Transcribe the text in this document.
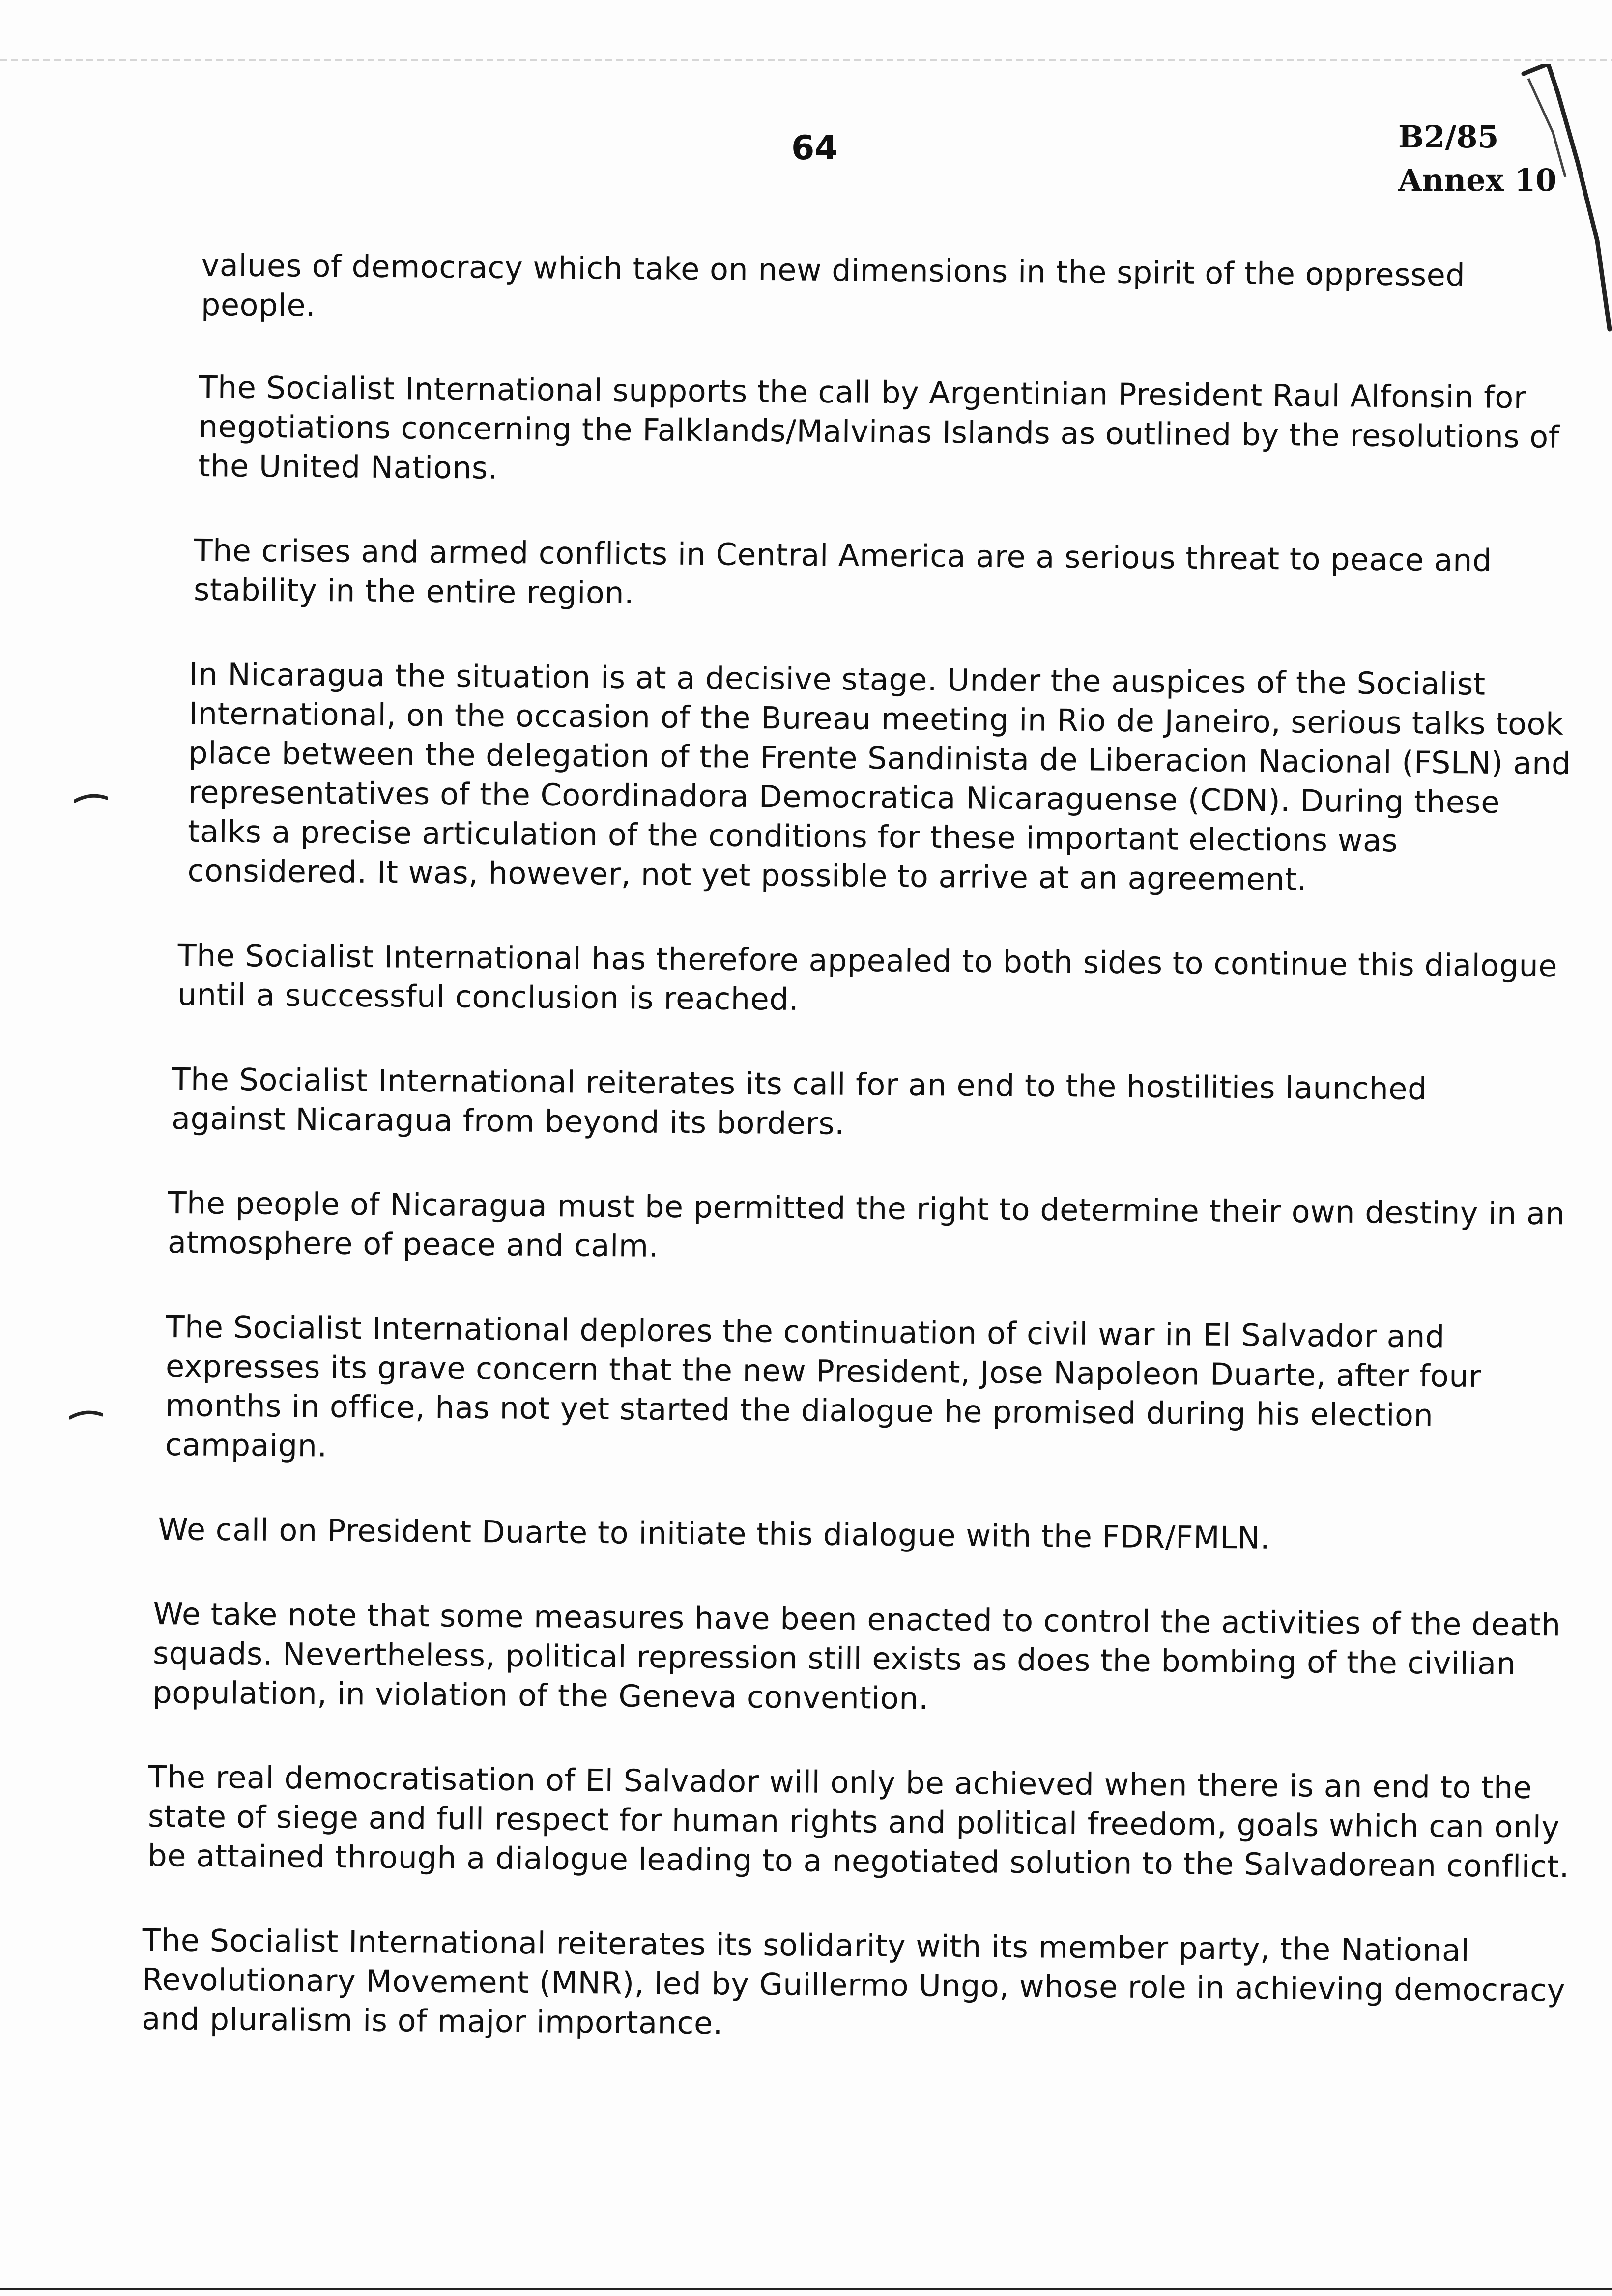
64	B2/85
Annex 10

values of democracy which take on new dimensions in the spirit of the oppressed people.

The Socialist International supports the call by Argentinian President Raul Alfonsin for negotiations concerning the Falklands/Malvinas Islands as outlined by the resolutions of the United Nations.

The crises and armed conflicts in Central America are a serious threat to peace and stability in the entire region.

In Nicaragua the situation is at a decisive stage. Under the auspices of the Socialist International, on the occasion of the Bureau meeting in Rio de Janeiro, serious talks took place between the delegation of the Frente Sandinista de Liberacion Nacional (FSLN) and representatives of the Coordinadora Democratica Nicaraguense (CDN). During these talks a precise articulation of the conditions for these important elections was considered. It was, however, not yet possible to arrive at an agreement.

The Socialist International has therefore appealed to both sides to continue this dialogue until a successful conclusion is reached.

The Socialist International reiterates its call for an end to the hostilities launched against Nicaragua from beyond its borders.

The people of Nicaragua must be permitted the right to determine their own destiny in an atmosphere of peace and calm.

The Socialist International deplores the continuation of civil war in El Salvador and expresses its grave concern that the new President, Jose Napoleon Duarte, after four months in office, has not yet started the dialogue he promised during his election campaign.

We call on President Duarte to initiate this dialogue with the FDR/FMLN.

We take note that some measures have been enacted to control the activities of the death squads. Nevertheless, political repression still exists as does the bombing of the civilian population, in violation of the Geneva convention.

The real democratisation of El Salvador will only be achieved when there is an end to the state of siege and full respect for human rights and political freedom, goals which can only be attained through a dialogue leading to a negotiated solution to the Salvadorean conflict.

The Socialist International reiterates its solidarity with its member party, the National Revolutionary Movement (MNR), led by Guillermo Ungo, whose role in achieving democracy and pluralism is of major importance.
